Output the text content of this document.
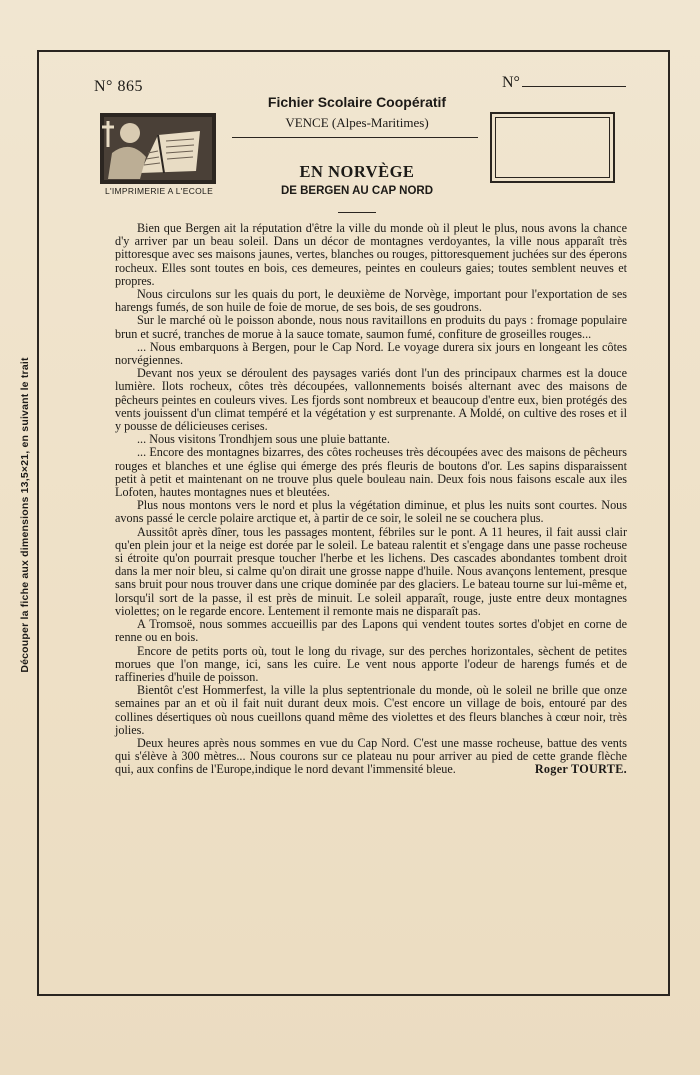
Découper la fiche aux dimensions 13,5×21, en suivant le trait
N° 865	N°
L'IMPRIMERIE A L'ECOLE
Fichier Scolaire Coopératif
VENCE (Alpes-Maritimes)
EN NORVÈGE
DE BERGEN AU CAP NORD

Bien que Bergen ait la réputation d'être la ville du monde où il pleut le plus, nous avons la chance d'y arriver par un beau soleil. Dans un décor de montagnes verdoyantes, la ville nous apparaît très pittoresque avec ses maisons jaunes, vertes, blanches ou rouges, pittoresquement juchées sur des éperons rocheux. Elles sont toutes en bois, ces demeures, peintes en couleurs gaies; toutes semblent neuves et propres.

Nous circulons sur les quais du port, le deuxième de Norvège, important pour l'exportation de ses harengs fumés, de son huile de foie de morue, de ses bois, de ses goudrons.

Sur le marché où le poisson abonde, nous nous ravitaillons en produits du pays : fromage populaire brun et sucré, tranches de morue à la sauce tomate, saumon fumé, confiture de groseilles rouges...

... Nous embarquons à Bergen, pour le Cap Nord. Le voyage durera six jours en longeant les côtes norvégiennes.

Devant nos yeux se déroulent des paysages variés dont l'un des principaux charmes est la douce lumière. Ilots rocheux, côtes très découpées, vallonnements boisés alternant avec des maisons de pêcheurs peintes en couleurs vives. Les fjords sont nombreux et beaucoup d'entre eux, bien protégés des vents jouissent d'un climat tempéré et la végétation y est surprenante. A Moldé, on cultive des roses et il y pousse de délicieuses cerises.

... Nous visitons Trondhjem sous une pluie battante.

... Encore des montagnes bizarres, des côtes rocheuses très découpées avec des maisons de pêcheurs rouges et blanches et une église qui émerge des prés fleuris de boutons d'or. Les sapins disparaissent petit à petit et maintenant on ne trouve plus quele bouleau nain. Deux fois nous faisons escale aux iles Lofoten, hautes montagnes nues et bleutées.

Plus nous montons vers le nord et plus la végétation diminue, et plus les nuits sont courtes. Nous avons passé le cercle polaire arctique et, à partir de ce soir, le soleil ne se couchera plus.

Aussitôt après dîner, tous les passages montent, fébriles sur le pont. A 11 heures, il fait aussi clair qu'en plein jour et la neige est dorée par le soleil. Le bateau ralentit et s'engage dans une passe rocheuse si étroite qu'on pourrait presque toucher l'herbe et les lichens. Des cascades abondantes tombent droit dans la mer noir bleu, si calme qu'on dirait une grosse nappe d'huile. Nous avançons lentement, presque sans bruit pour nous trouver dans une crique dominée par des glaciers. Le bateau tourne sur lui-même et, lorsqu'il sort de la passe, il est près de minuit. Le soleil apparaît, rouge, juste entre deux montagnes violettes; on le regarde encore. Lentement il remonte mais ne disparaît pas.

A Tromsoë, nous sommes accueillis par des Lapons qui vendent toutes sortes d'objet en corne de renne ou en bois.

Encore de petits ports où, tout le long du rivage, sur des perches horizontales, sèchent de petites morues que l'on mange, ici, sans les cuire. Le vent nous apporte l'odeur de harengs fumés et de raffineries d'huile de poisson.

Bientôt c'est Hommerfest, la ville la plus septentrionale du monde, où le soleil ne brille que onze semaines par an et où il fait nuit durant deux mois. C'est encore un village de bois, entouré par des collines désertiques où nous cueillons quand même des violettes et des fleurs blanches à cœur noir, très jolies.

Deux heures après nous sommes en vue du Cap Nord. C'est une masse rocheuse, battue des vents qui s'élève à 300 mètres... Nous courons sur ce plateau nu pour arriver au pied de cette grande flèche qui, aux confins de l'Europe,indique le nord devant l'immensité bleue.	Roger TOURTE.
